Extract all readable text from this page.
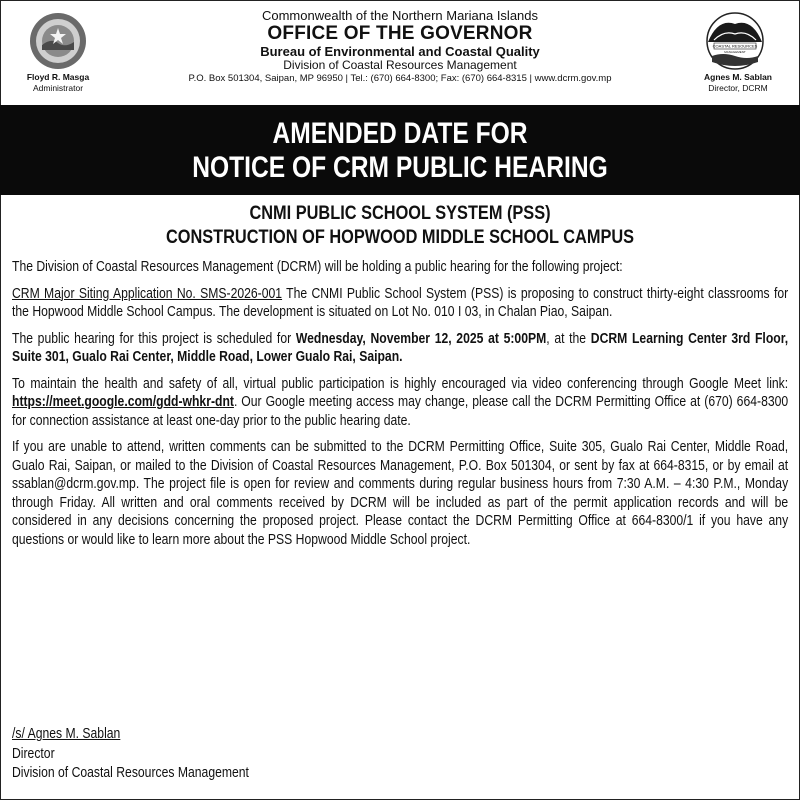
Floyd R. Masga
Administrator
Commonwealth of the Northern Mariana Islands
OFFICE OF THE GOVERNOR
Bureau of Environmental and Coastal Quality
Division of Coastal Resources Management
P.O. Box 501304, Saipan, MP 96950 | Tel.: (670) 664-8300; Fax: (670) 664-8315 | www.dcrm.gov.mp
COASTAL RESOURCES
MANAGEMENT
Agnes M. Sablan
Director, DCRM
AMENDED DATE FOR
NOTICE OF CRM PUBLIC HEARING
CNMI PUBLIC SCHOOL SYSTEM (PSS)
CONSTRUCTION OF HOPWOOD MIDDLE SCHOOL CAMPUS

The Division of Coastal Resources Management (DCRM) will be holding a public hearing for the following project:

CRM Major Siting Application No. SMS-2026-001 The CNMI Public School System (PSS) is proposing to construct thirty-eight classrooms for the Hopwood Middle School Campus. The development is situated on Lot No. 010 I 03, in Chalan Piao, Saipan.

The public hearing for this project is scheduled for Wednesday, November 12, 2025 at 5:00PM, at the DCRM Learning Center 3rd Floor, Suite 301, Gualo Rai Center, Middle Road, Lower Gualo Rai, Saipan.

To maintain the health and safety of all, virtual public participation is highly encouraged via video conferencing through Google Meet link: https://meet.google.com/gdd-whkr-dnt. Our Google meeting access may change, please call the DCRM Permitting Office at (670) 664-8300 for connection assistance at least one-day prior to the public hearing date.

If you are unable to attend, written comments can be submitted to the DCRM Permitting Office, Suite 305, Gualo Rai Center, Middle Road, Gualo Rai, Saipan, or mailed to the Division of Coastal Resources Management, P.O. Box 501304, or sent by fax at 664-8315, or by email at ssablan@dcrm.gov.mp. The project file is open for review and comments during regular business hours from 7:30 A.M. – 4:30 P.M., Monday through Friday. All written and oral comments received by DCRM will be included as part of the permit application records and will be considered in any decisions concerning the proposed project. Please contact the DCRM Permitting Office at 664-8300/1 if you have any questions or would like to learn more about the PSS Hopwood Middle School project.

/s/ Agnes M. Sablan
Director
Division of Coastal Resources Management
